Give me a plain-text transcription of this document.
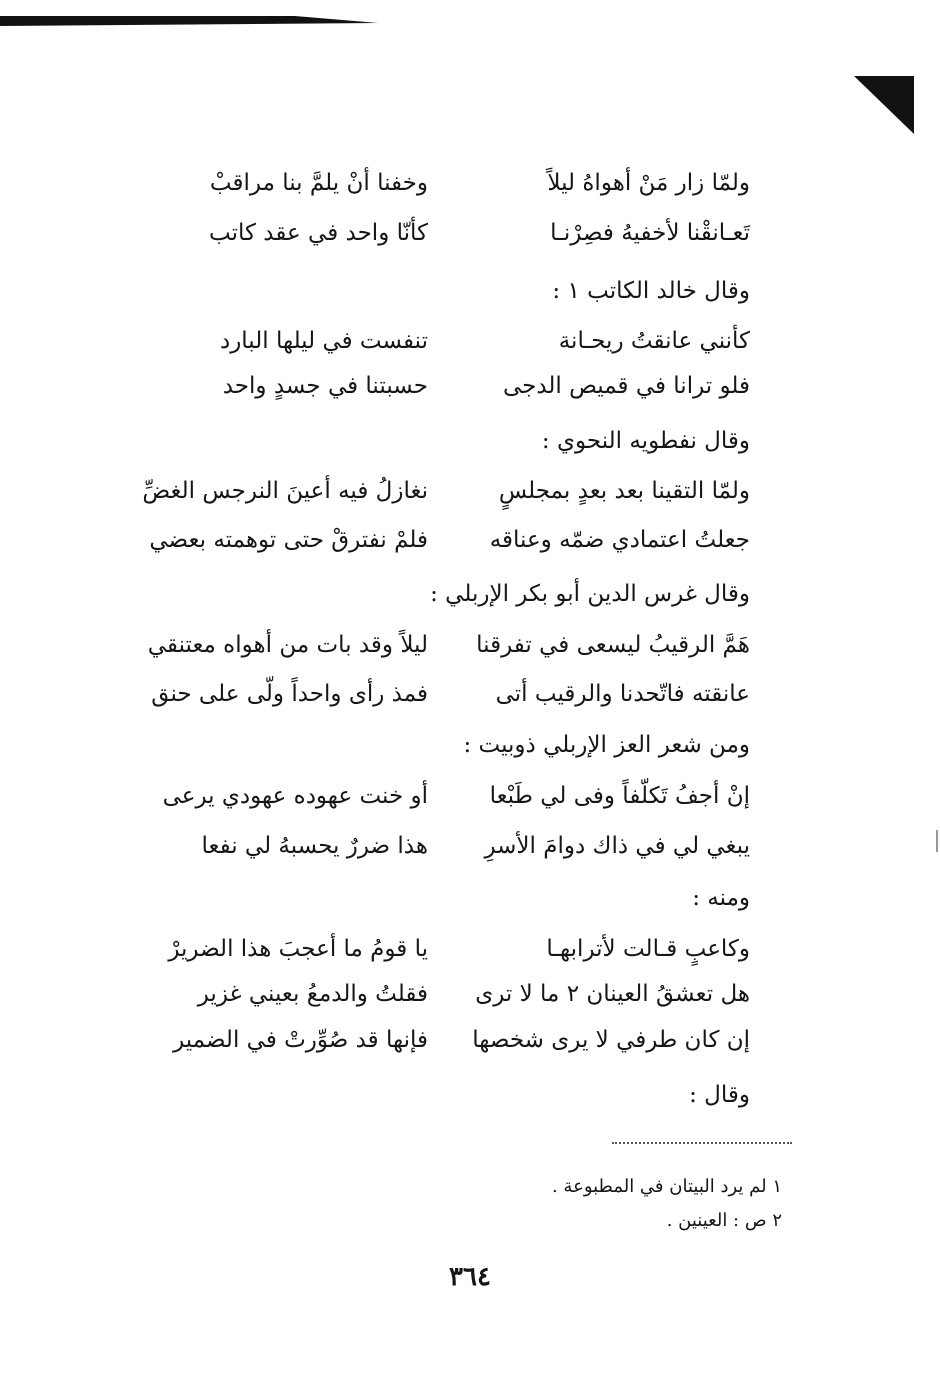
ولمّا زار مَنْ أهواهُ ليلاً
وخفنا أنْ يلمَّ بنا مراقبْ
تَعـانقْنا لأخفيهُ فصِرْنـا
كأنّا واحد في عقد كاتب
وقال خالد الكاتب ١ :
كأنني عانقتُ ريحـانة
تنفست في ليلها البارد
فلو ترانا في قميص الدجى
حسبتنا في جسدٍ واحد
وقال نفطويه النحوي :
ولمّا التقينا بعد بعدٍ بمجلسٍ
نغازلُ فيه أعينَ النرجس الغضِّ
جعلتُ اعتمادي ضمّه وعناقه
فلمْ نفترقْ حتى توهمته بعضي
وقال غرس الدين أبو بكر الإربلي :
هَمَّ الرقيبُ ليسعى في تفرقنا
ليلاً وقد بات من أهواه معتنقي
عانقته فاتّحدنا والرقيب أتى
فمذ رأى واحداً ولّى على حنق
ومن شعر العز الإربلي ذوبيت :
إنْ أجفُ تَكلّفاً وفى لي طَبْعا
أو خنت عهوده عهودي يرعى
يبغي لي في ذاك دوامَ الأسرِ
هذا ضررٌ يحسبهُ لي نفعا
ومنه :
وكاعبٍ قـالت لأترابهـا
يا قومُ ما أعجبَ هذا الضريرْ
هل تعشقُ العينان ٢ ما لا ترى
فقلتُ والدمعُ بعيني غزير
إن كان طرفي لا يرى شخصها
فإنها قد صُوِّرتْ في الضمير
وقال :
١ لم يرد البيتان في المطبوعة .
٢ ص : العينين .
٣٦٤
